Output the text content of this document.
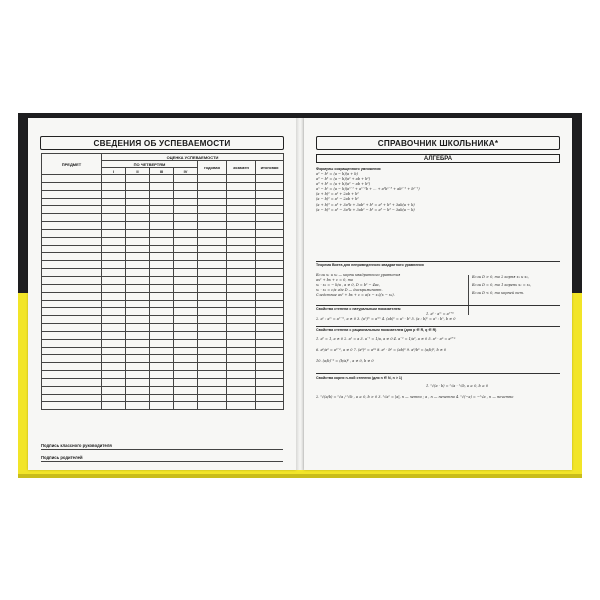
СВЕДЕНИЯ ОБ УСПЕВАЕМОСТИ
ПРЕДМЕТ	ОЦЕНКА УСПЕВАЕМОСТИ						
	ПО ЧЕТВЕРТЯМ				годовая	экзамен	итоговая
	I	II	III	IV			

Подпись классного руководителя
Подпись родителей
СПРАВОЧНИК ШКОЛЬНИКА*
АЛГЕБРА
Формулы сокращенного умножения
a² − b² = (a − b)(a + b)
a³ − b³ = (a − b)(a² + ab + b²)
a³ + b³ = (a + b)(a² − ab + b²)
aⁿ − bⁿ = (a − b)(aⁿ⁻¹ + aⁿ⁻²b + ... + a²bⁿ⁻³ + abⁿ⁻² + bⁿ⁻¹)
(a + b)² = a² + 2ab + b²
(a − b)² = a² − 2ab + b²
(a + b)³ = a³ + 3a²b + 3ab² + b³ = a³ + b³ + 3ab(a + b)
(a − b)³ = a³ − 3a²b + 3ab² − b³ = a³ − b³ − 3ab(a − b)
Теорема Виета для неприведенного квадратного уравнения
Если x₁ и x₂ — корни квадратного уравнения
ax² + bx + c = 0, то
x₁ · x₂ = − b/a , a ≠ 0, D = b² − 4ac,
x₁ · x₂ = c/a где D — дискриминант.
Следствие ax² + bx + c = a(x − x₁)(x − x₂).
Если D > 0, то 2 корня x₁ и x₂,
Если D = 0, то 1 корень x₁ = x₂,
Если D < 0, то корней нет.
Свойства степени с натуральным показателем
1. aⁿ · aᵐ = aⁿ⁺ᵐ
2. aⁿ : aᵐ = aⁿ⁻ᵐ, a ≠ 0 3. (aⁿ)ᵐ = aⁿᵐ 4. (ab)ⁿ = aⁿ · bⁿ 5. (a : b)ⁿ = aⁿ : bⁿ, b ≠ 0
Свойства степени с рациональным показателем (для p ∈ R, q ∈ R)
1. a⁰ = 1, a ≠ 0 2. a¹ = a 3. a⁻¹ = 1/a, a ≠ 0 4. a⁻² = 1/a², a ≠ 0 5. aᵖ · aᵠ = aᵖ⁺ᵠ
6. aᵖ/aᵠ = aᵖ⁻ᵠ, a ≠ 0 7. (aᵖ)ᵠ = aᵖᵠ 8. aᵖ · bᵖ = (ab)ᵖ 9. aᵖ/bᵖ = (a/b)ᵖ, b ≠ 0
10. (a/b)⁻ᵖ = (b/a)ᵖ , a ≠ 0, b ≠ 0
Свойства корня n-ной степени (для n ∈ N, n > 1)
1. ⁿ√(a · b) = ⁿ√a · ⁿ√b, a ≥ 0, b ≥ 0
2. ⁿ√(a/b) = ⁿ√a / ⁿ√b , a ≥ 0, b > 0 3. ⁿ√aⁿ = |a|, n — четно ; a , n — нечетно 4. ⁿ√(−a) = −ⁿ√a , n — нечетно
